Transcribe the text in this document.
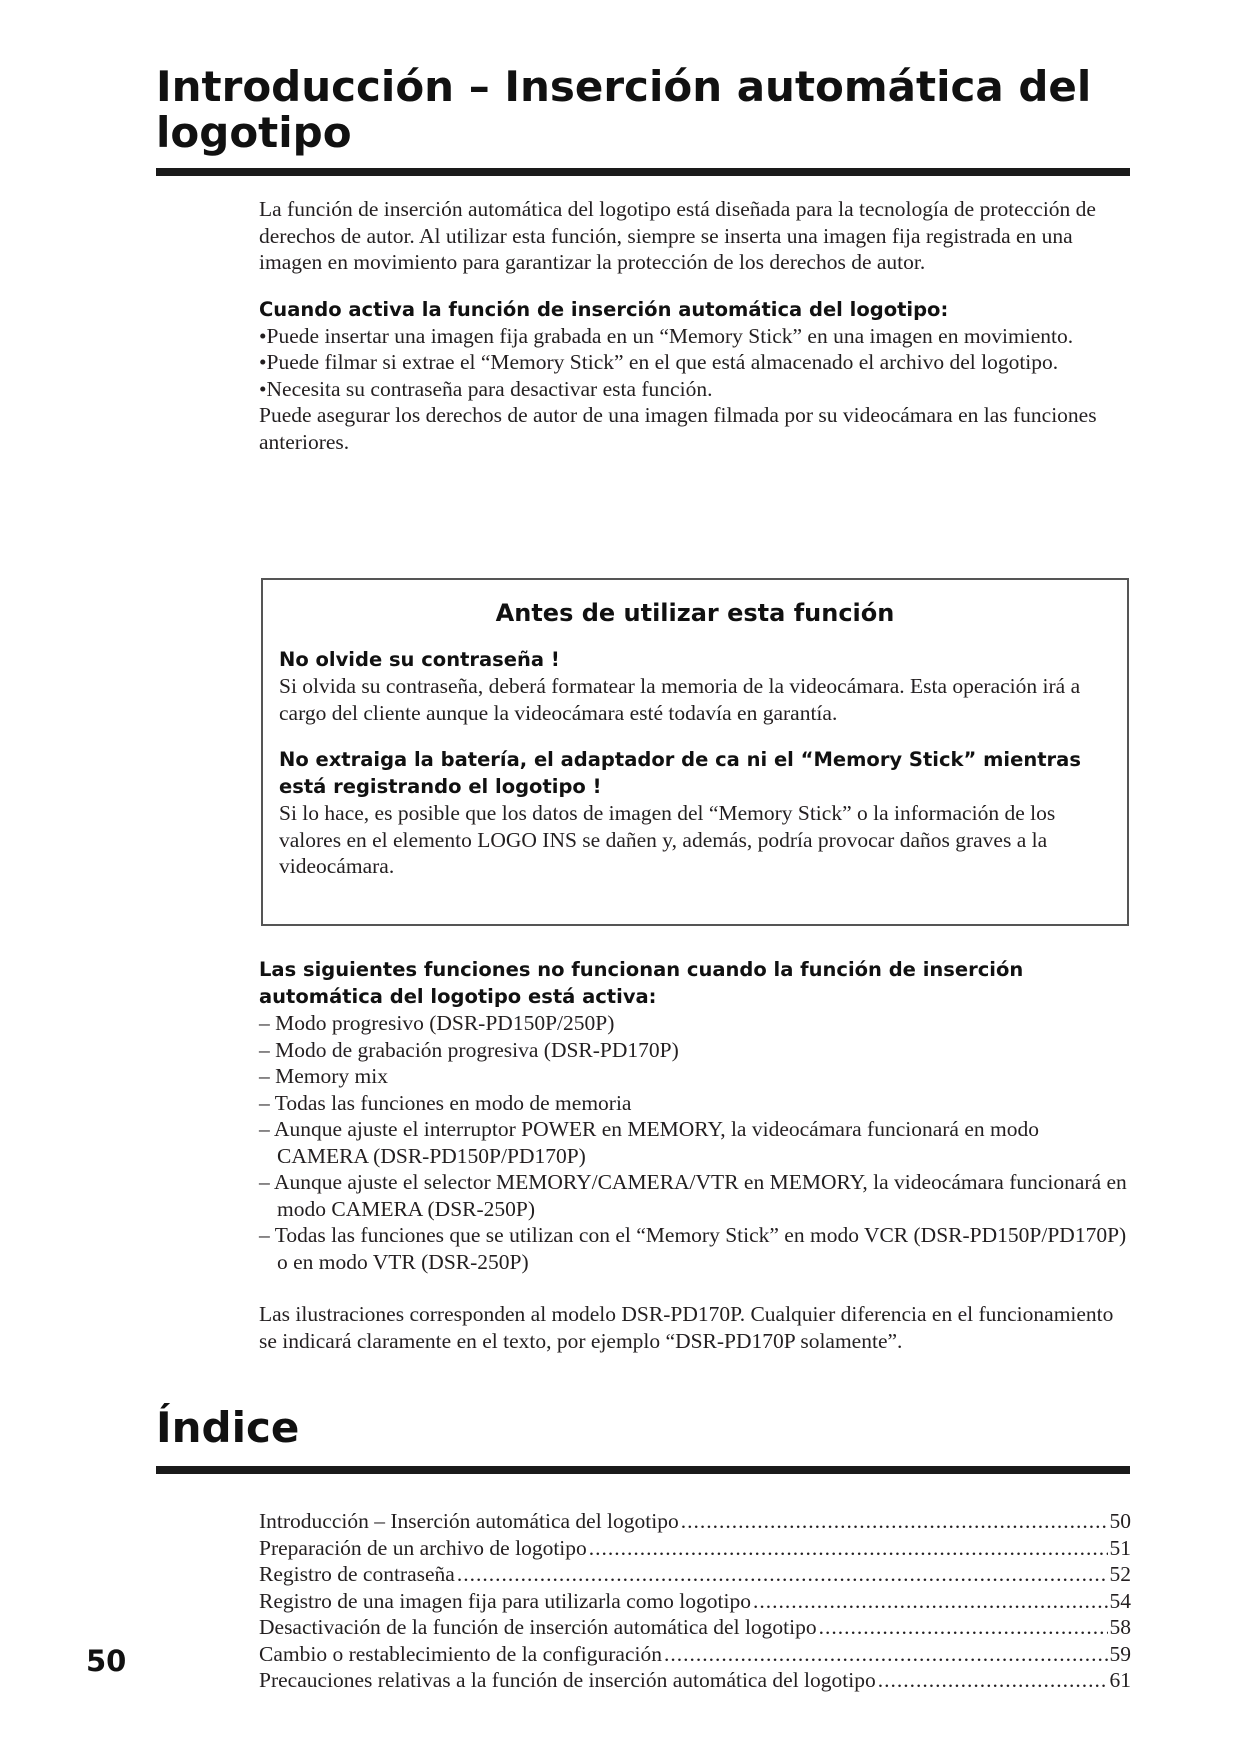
Introducción – Inserción automática del
logotipo

La función de inserción automática del logotipo está diseñada para la tecnología de protección de derechos de autor. Al utilizar esta función, siempre se inserta una imagen fija registrada en una imagen en movimiento para garantizar la protección de los derechos de autor.

Cuando activa la función de inserción automática del logotipo:

•Puede insertar una imagen fija grabada en un “Memory Stick” en una imagen en movimiento.

•Puede filmar si extrae el “Memory Stick” en el que está almacenado el archivo del logotipo.

•Necesita su contraseña para desactivar esta función.

Puede asegurar los derechos de autor de una imagen filmada por su videocámara en las funciones anteriores.

Antes de utilizar esta función

No olvide su contraseña !

Si olvida su contraseña, deberá formatear la memoria de la videocámara. Esta operación irá a cargo del cliente aunque la videocámara esté todavía en garantía.

No extraiga la batería, el adaptador de ca ni el “Memory Stick” mientras está registrando el logotipo !

Si lo hace, es posible que los datos de imagen del “Memory Stick” o la información de los valores en el elemento LOGO INS se dañen y, además, podría provocar daños graves a la videocámara.

Las siguientes funciones no funcionan cuando la función de inserción automática del logotipo está activa:

– Modo progresivo (DSR-PD150P/250P)

– Modo de grabación progresiva (DSR-PD170P)

– Memory mix

– Todas las funciones en modo de memoria

– Aunque ajuste el interruptor POWER en MEMORY, la videocámara funcionará en modo CAMERA (DSR-PD150P/PD170P)

– Aunque ajuste el selector MEMORY/CAMERA/VTR en MEMORY, la videocámara funcionará en modo CAMERA (DSR-250P)

– Todas las funciones que se utilizan con el “Memory Stick” en modo VCR (DSR-PD150P/PD170P) o en modo VTR (DSR-250P)

Las ilustraciones corresponden al modelo DSR-PD170P. Cualquier diferencia en el funcionamiento se indicará claramente en el texto, por ejemplo “DSR-PD170P solamente”.

Índice
Introducción – Inserción automática del logotipo .....	50
Preparación de un archivo de logotipo .....	51
Registro de contraseña .....	52
Registro de una imagen fija para utilizarla como logotipo .....	54
Desactivación de la función de inserción automática del logotipo .....	58
Cambio o restablecimiento de la configuración .....	59
Precauciones relativas a la función de inserción automática del logotipo .....	61
50
